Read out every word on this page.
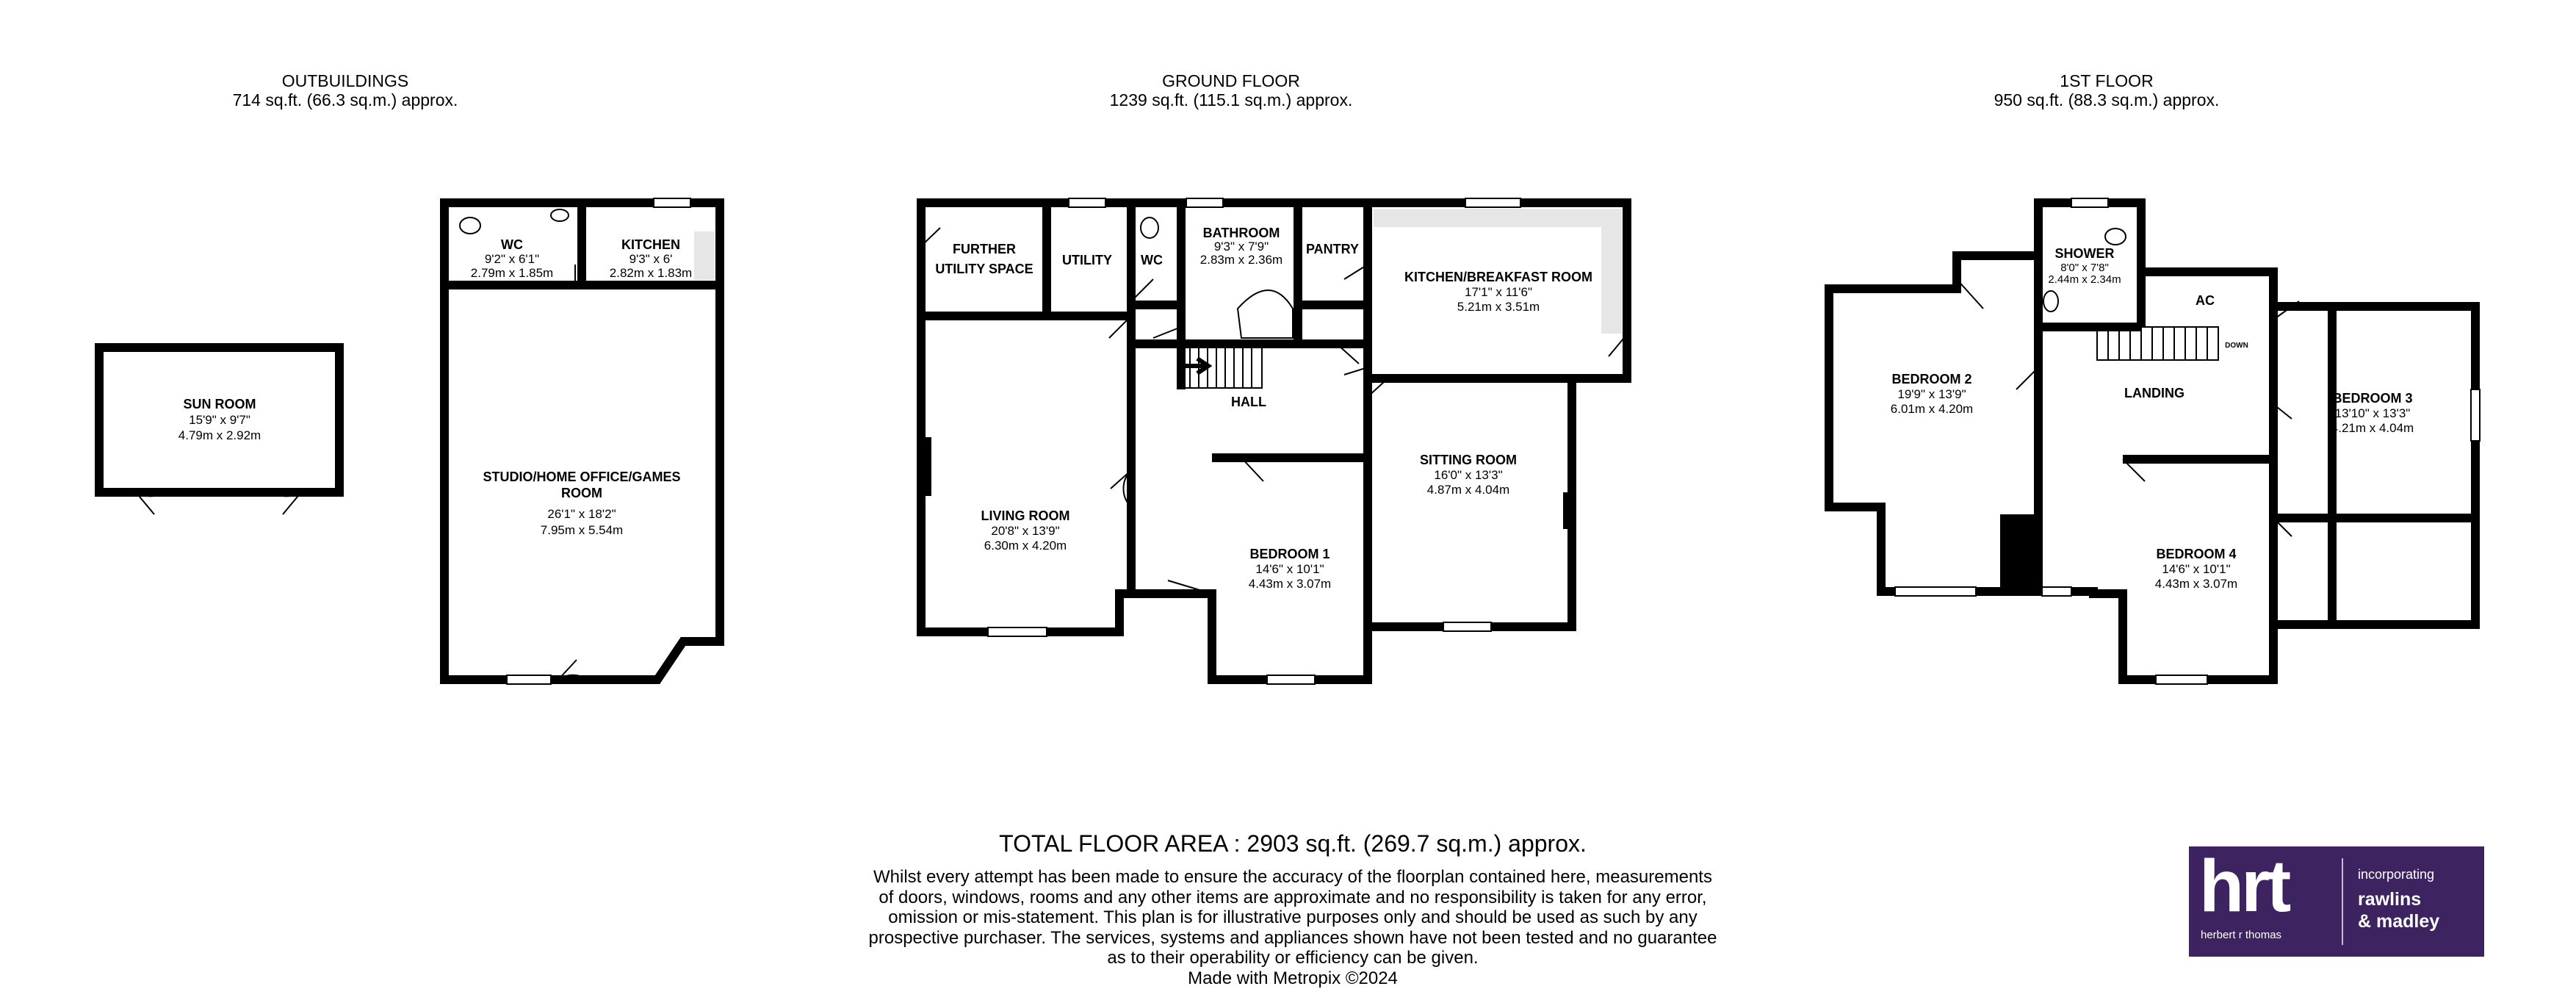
OUTBUILDINGS
714 sq.ft. (66.3 sq.m.) approx.
GROUND FLOOR
1239 sq.ft. (115.1 sq.m.) approx.
1ST FLOOR
950 sq.ft. (88.3 sq.m.) approx.
SUN ROOM
15'9" x 9'7"
4.79m x 2.92m
WC
9'2" x 6'1"
2.79m x 1.85m
KITCHEN
9'3" x 6'
2.82m x 1.83m
STUDIO/HOME OFFICE/GAMES
ROOM
26'1" x 18'2"
7.95m x 5.54m
FURTHER
UTILITY SPACE
UTILITY WC
BATHROOM
9'3" x 7'9"
2.83m x 2.36m
PANTRY
KITCHEN/BREAKFAST ROOM
17'1" x 11'6"
5.21m x 3.51m
HALL
LIVING ROOM
20'8" x 13'9"
6.30m x 4.20m
BEDROOM 1
14'6" x 10'1"
4.43m x 3.07m
SITTING ROOM
16'0" x 13'3"
4.87m x 4.04m
SHOWER
8'0" x 7'8"
2.44m x 2.34m
AC
DOWN
BEDROOM 2
19'9" x 13'9"
6.01m x 4.20m
LANDING	BEDROOM 3
13'10" x 13'3"
4.21m x 4.04m
BEDROOM 4
14'6" x 10'1"
4.43m x 3.07m
TOTAL FLOOR AREA : 2903 sq.ft. (269.7 sq.m.) approx.
Whilst every attempt has been made to ensure the accuracy of the floorplan contained here, measurements
of doors, windows, rooms and any other items are approximate and no responsibility is taken for any error,
omission or mis-statement. This plan is for illustrative purposes only and should be used as such by any
prospective purchaser. The services, systems and appliances shown have not been tested and no guarantee
as to their operability or efficiency can be given.
Made with Metropix ©2024
hrt
herbert r thomas
incorporating
rawlins
& madley
